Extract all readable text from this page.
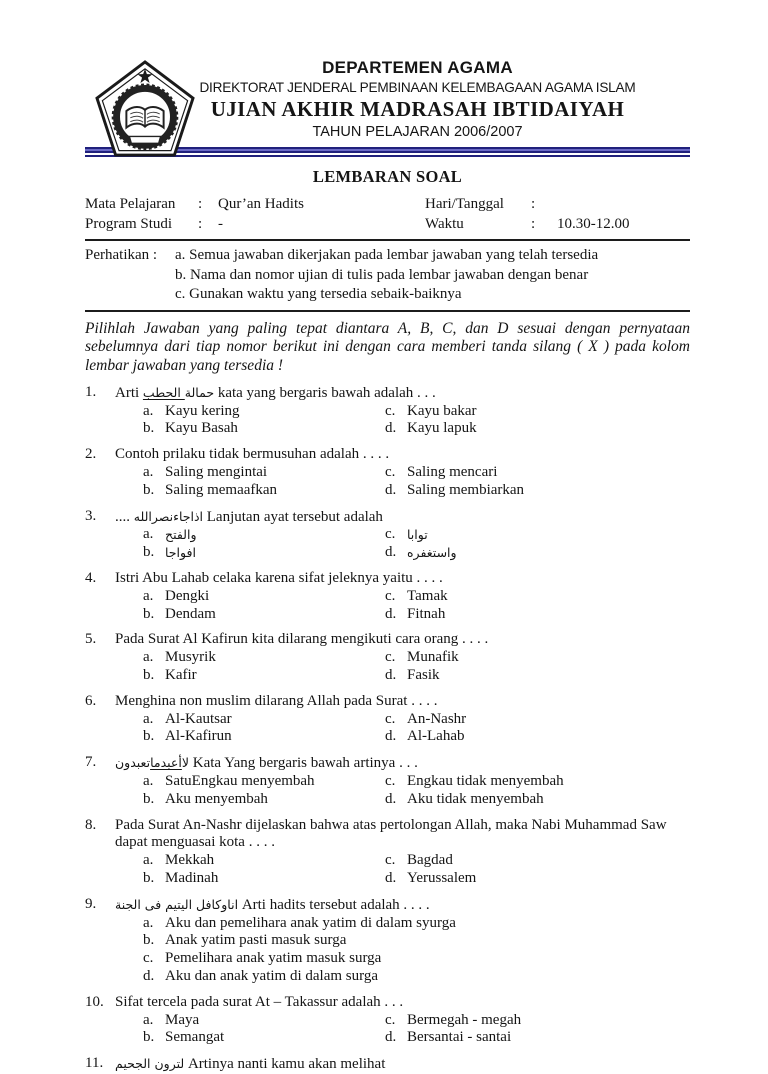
DEPARTEMEN AGAMA
DIREKTORAT JENDERAL PEMBINAAN KELEMBAGAAN AGAMA ISLAM
UJIAN AKHIR MADRASAH IBTIDAIYAH
TAHUN PELAJARAN 2006/2007
LEMBARAN SOAL
Mata Pelajaran	:	Qur’an Hadits
Program Studi	:	-
Hari/Tanggal	:
Waktu	:	10.30-12.00
Perhatikan :	a. Semua jawaban dikerjakan pada lembar jawaban yang telah tersedia
b. Nama dan nomor ujian di tulis pada lembar jawaban dengan benar
c. Gunakan waktu yang tersedia sebaik-baiknya
Pilihlah Jawaban yang paling tepat diantara A, B, C, dan D sesuai dengan pernyataan sebelumnya dari tiap nomor berikut ini dengan cara memberi tanda silang ( X ) pada kolom lembar jawaban yang tersedia !
1.	Arti	حمالة الحطب kata yang bergaris bawah adalah . . .
a. Kayu kering
b. Kayu Basah
c. Kayu bakar
d. Kayu lapuk
2.	Contoh prilaku tidak bermusuhan adalah . . . .
a. Saling mengintai
b. Saling memaafkan
c. Saling mencari
d. Saling membiarkan
3.	.... اذاجاءنصرالله Lanjutan ayat tersebut adalah
a. والفتح
b. افواجا
c. توابا
d. واستغفره
4.	Istri Abu Lahab celaka karena sifat jeleknya yaitu . . . .
a. Dengki
b. Dendam
c. Tamak
d. Fitnah
5.	Pada Surat Al Kafirun kita dilarang mengikuti cara orang . . . .
a. Musyrik
b. Kafir
c. Munafik
d. Fasik
6.	Menghina non muslim dilarang Allah pada Surat . . . .
a. Al-Kautsar
b. Al-Kafirun
c. An-Nashr
d. Al-Lahab
7.	لاأعبدماتعبدون	Kata Yang bergaris bawah artinya . . .
a. SatuEngkau menyembah
b. Aku menyembah
c. Engkau tidak menyembah
d. Aku tidak menyembah
8.	Pada Surat An-Nashr dijelaskan bahwa atas pertolongan Allah, maka Nabi Muhammad Saw dapat menguasai kota . . . .
a. Mekkah
b. Madinah
c. Bagdad
d. Yerussalem
9.	اناوكافل اليتيم فى الجنة Arti hadits tersebut adalah . . . .
a. Aku dan pemelihara anak yatim di dalam syurga
b. Anak yatim pasti masuk surga
c. Pemelihara anak yatim masuk surga
d. Aku dan anak yatim di dalam surga
10. Sifat tercela pada surat At – Takassur adalah . . .
a. Maya
b. Semangat
c. Bermegah - megah
d. Bersantai - santai
11. لترون الجحيم Artinya nanti kamu akan melihat
